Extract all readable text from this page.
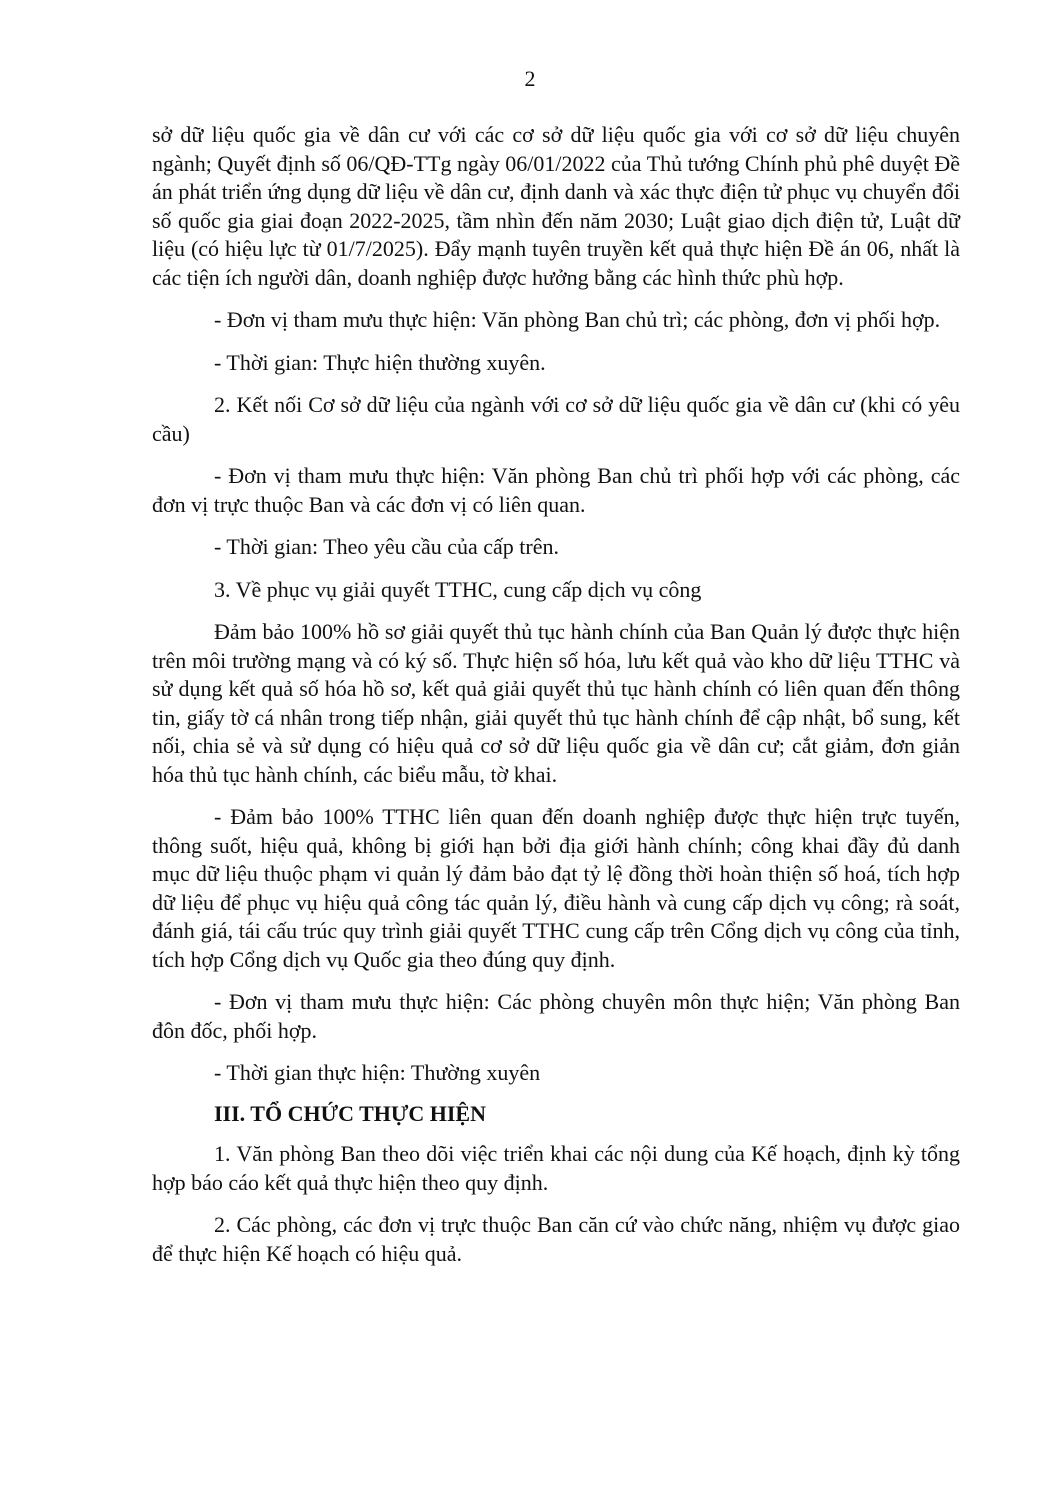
2

sở dữ liệu quốc gia về dân cư với các cơ sở dữ liệu quốc gia với cơ sở dữ liệu chuyên ngành; Quyết định số 06/QĐ-TTg ngày 06/01/2022 của Thủ tướng Chính phủ phê duyệt Đề án phát triển ứng dụng dữ liệu về dân cư, định danh và xác thực điện tử phục vụ chuyển đổi số quốc gia giai đoạn 2022-2025, tầm nhìn đến năm 2030; Luật giao dịch điện tử, Luật dữ liệu (có hiệu lực từ 01/7/2025). Đẩy mạnh tuyên truyền kết quả thực hiện Đề án 06, nhất là các tiện ích người dân, doanh nghiệp được hưởng bằng các hình thức phù hợp.

- Đơn vị tham mưu thực hiện: Văn phòng Ban chủ trì; các phòng, đơn vị phối hợp.

- Thời gian: Thực hiện thường xuyên.

2. Kết nối Cơ sở dữ liệu của ngành với cơ sở dữ liệu quốc gia về dân cư (khi có yêu cầu)

- Đơn vị tham mưu thực hiện: Văn phòng Ban chủ trì phối hợp với các phòng, các đơn vị trực thuộc Ban và các đơn vị có liên quan.

- Thời gian: Theo yêu cầu của cấp trên.

3. Về phục vụ giải quyết TTHC, cung cấp dịch vụ công

Đảm bảo 100% hồ sơ giải quyết thủ tục hành chính của Ban Quản lý được thực hiện trên môi trường mạng và có ký số. Thực hiện số hóa, lưu kết quả vào kho dữ liệu TTHC và sử dụng kết quả số hóa hồ sơ, kết quả giải quyết thủ tục hành chính có liên quan đến thông tin, giấy tờ cá nhân trong tiếp nhận, giải quyết thủ tục hành chính để cập nhật, bổ sung, kết nối, chia sẻ và sử dụng có hiệu quả cơ sở dữ liệu quốc gia về dân cư; cắt giảm, đơn giản hóa thủ tục hành chính, các biểu mẫu, tờ khai.

- Đảm bảo 100% TTHC liên quan đến doanh nghiệp được thực hiện trực tuyến, thông suốt, hiệu quả, không bị giới hạn bởi địa giới hành chính; công khai đầy đủ danh mục dữ liệu thuộc phạm vi quản lý đảm bảo đạt tỷ lệ đồng thời hoàn thiện số hoá, tích hợp dữ liệu để phục vụ hiệu quả công tác quản lý, điều hành và cung cấp dịch vụ công; rà soát, đánh giá, tái cấu trúc quy trình giải quyết TTHC cung cấp trên Cổng dịch vụ công của tỉnh, tích hợp Cổng dịch vụ Quốc gia theo đúng quy định.

- Đơn vị tham mưu thực hiện: Các phòng chuyên môn thực hiện; Văn phòng Ban đôn đốc, phối hợp.

- Thời gian thực hiện: Thường xuyên

III. TỔ CHỨC THỰC HIỆN

1. Văn phòng Ban theo dõi việc triển khai các nội dung của Kế hoạch, định kỳ tổng hợp báo cáo kết quả thực hiện theo quy định.

2. Các phòng, các đơn vị trực thuộc Ban căn cứ vào chức năng, nhiệm vụ được giao để thực hiện Kế hoạch có hiệu quả.
